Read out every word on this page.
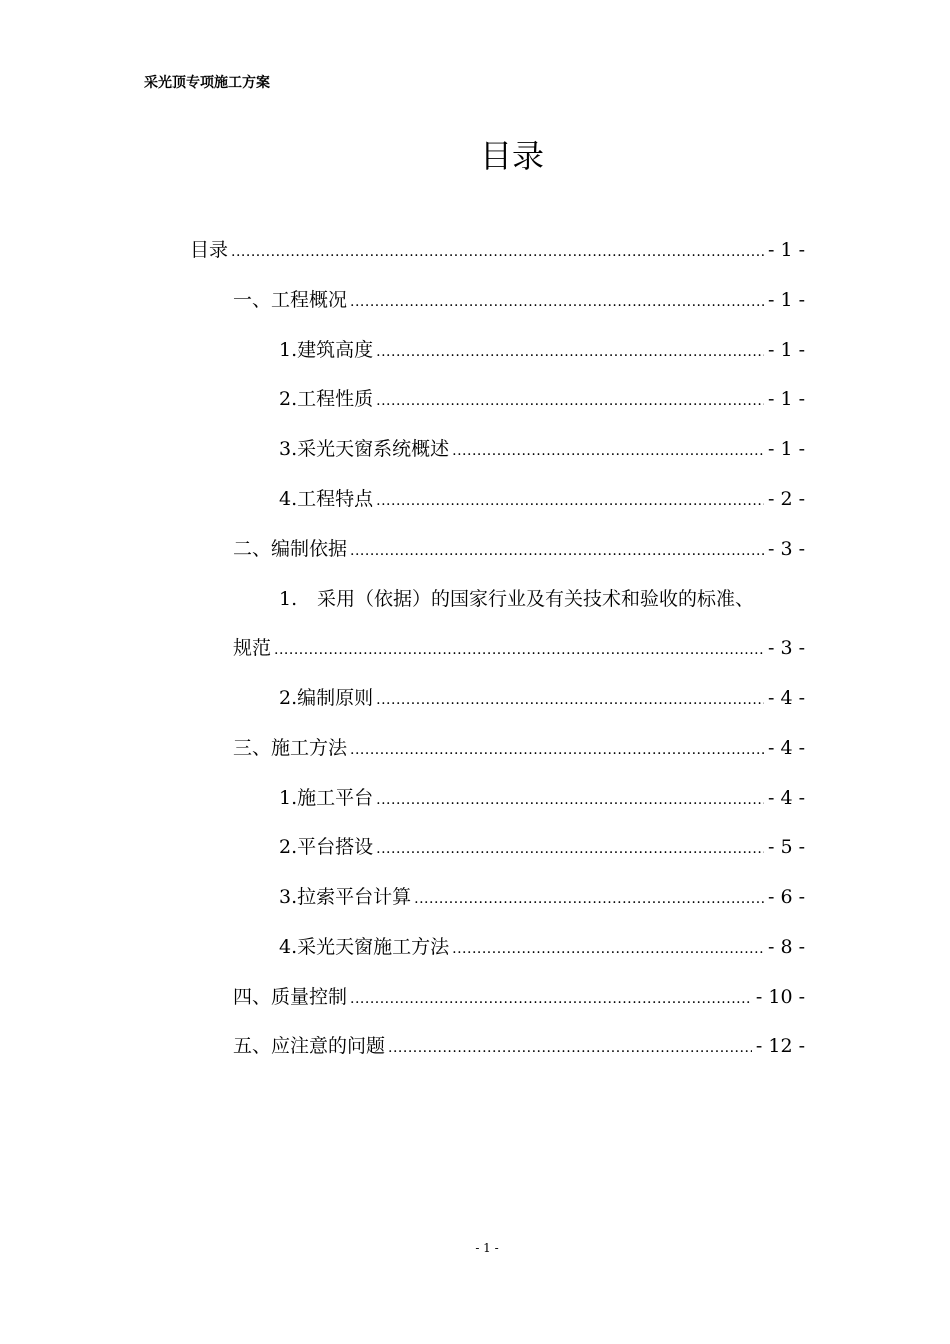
采光顶专项施工方案
目录
目录 .....	- 1 -
一、 工程概况 .....	- 1 -
1. 建筑高度 .....	- 1 -
2. 工程性质 .....	- 1 -
3. 采光天窗系统概述 .....	- 1 -
4. 工程特点 .....	- 2 -
二、 编制依据 .....	- 3 -
1. 采用（依据）的国家行业及有关技术和验收的标准、
规范 .....	- 3 -
2. 编制原则 .....	- 4 -
三、 施工方法 .....	- 4 -
1. 施工平台 .....	- 4 -
2. 平台搭设 .....	- 5 -
3. 拉索平台计算 .....	- 6 -
4. 采光天窗施工方法 .....	- 8 -
四、 质量控制 .....	- 10 -
五、 应注意的问题 .....	- 12 -
- 1 -
